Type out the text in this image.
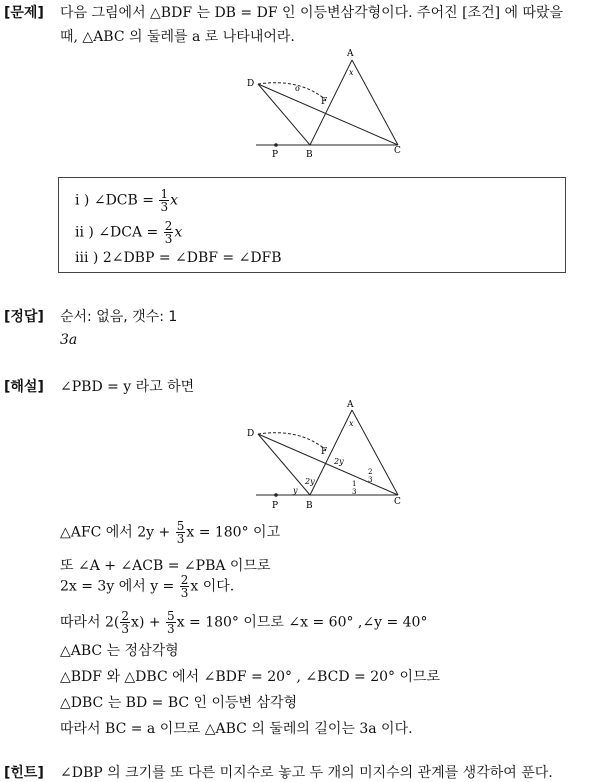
[문제] 다음 그림에서 △BDF 는 DB = DF 인 이등변삼각형이다. 주어진 [조건] 에 따랐을
때, △ABC 의 둘레를 a 로 나타내어라.
A
D
F
B	C
P
x
o
i ) ∠DCB = $\frac{1}{3}$ x
ii ) ∠DCA = $\frac{2}{3}$ x
iii ) 2∠DBP = ∠DBF = ∠DFB
[정답] 순서: 없음, 갯수: 1
3a
[해설] ∠PBD = y 라고 하면
A
D
F
B	C
P
x
2y
2y
y
2
3
1
3
△AFC 에서 $2y + \frac{5}{3}$ x = 180° 이고
또 ∠A + ∠ACB = ∠PBA 이므로
2x = 3y 에서 $y = \frac{2}{3}$ x 이다.
따라서 $2( \frac{2}{3} x) + \frac{5}{3}$ x = 180° 이므로 ∠x = 60° ,∠y = 40°
△ABC 는 정삼각형
△BDF 와 △DBC 에서 ∠BDF = 20° , ∠BCD = 20° 이므로
△DBC 는 BD = BC 인 이등변 삼각형
따라서 BC = a 이므로 △ABC 의 둘레의 길이는 3a 이다.
[힌트] ∠DBP 의 크기를 또 다른 미지수로 놓고 두 개의 미지수의 관계를 생각하여 푼다.
